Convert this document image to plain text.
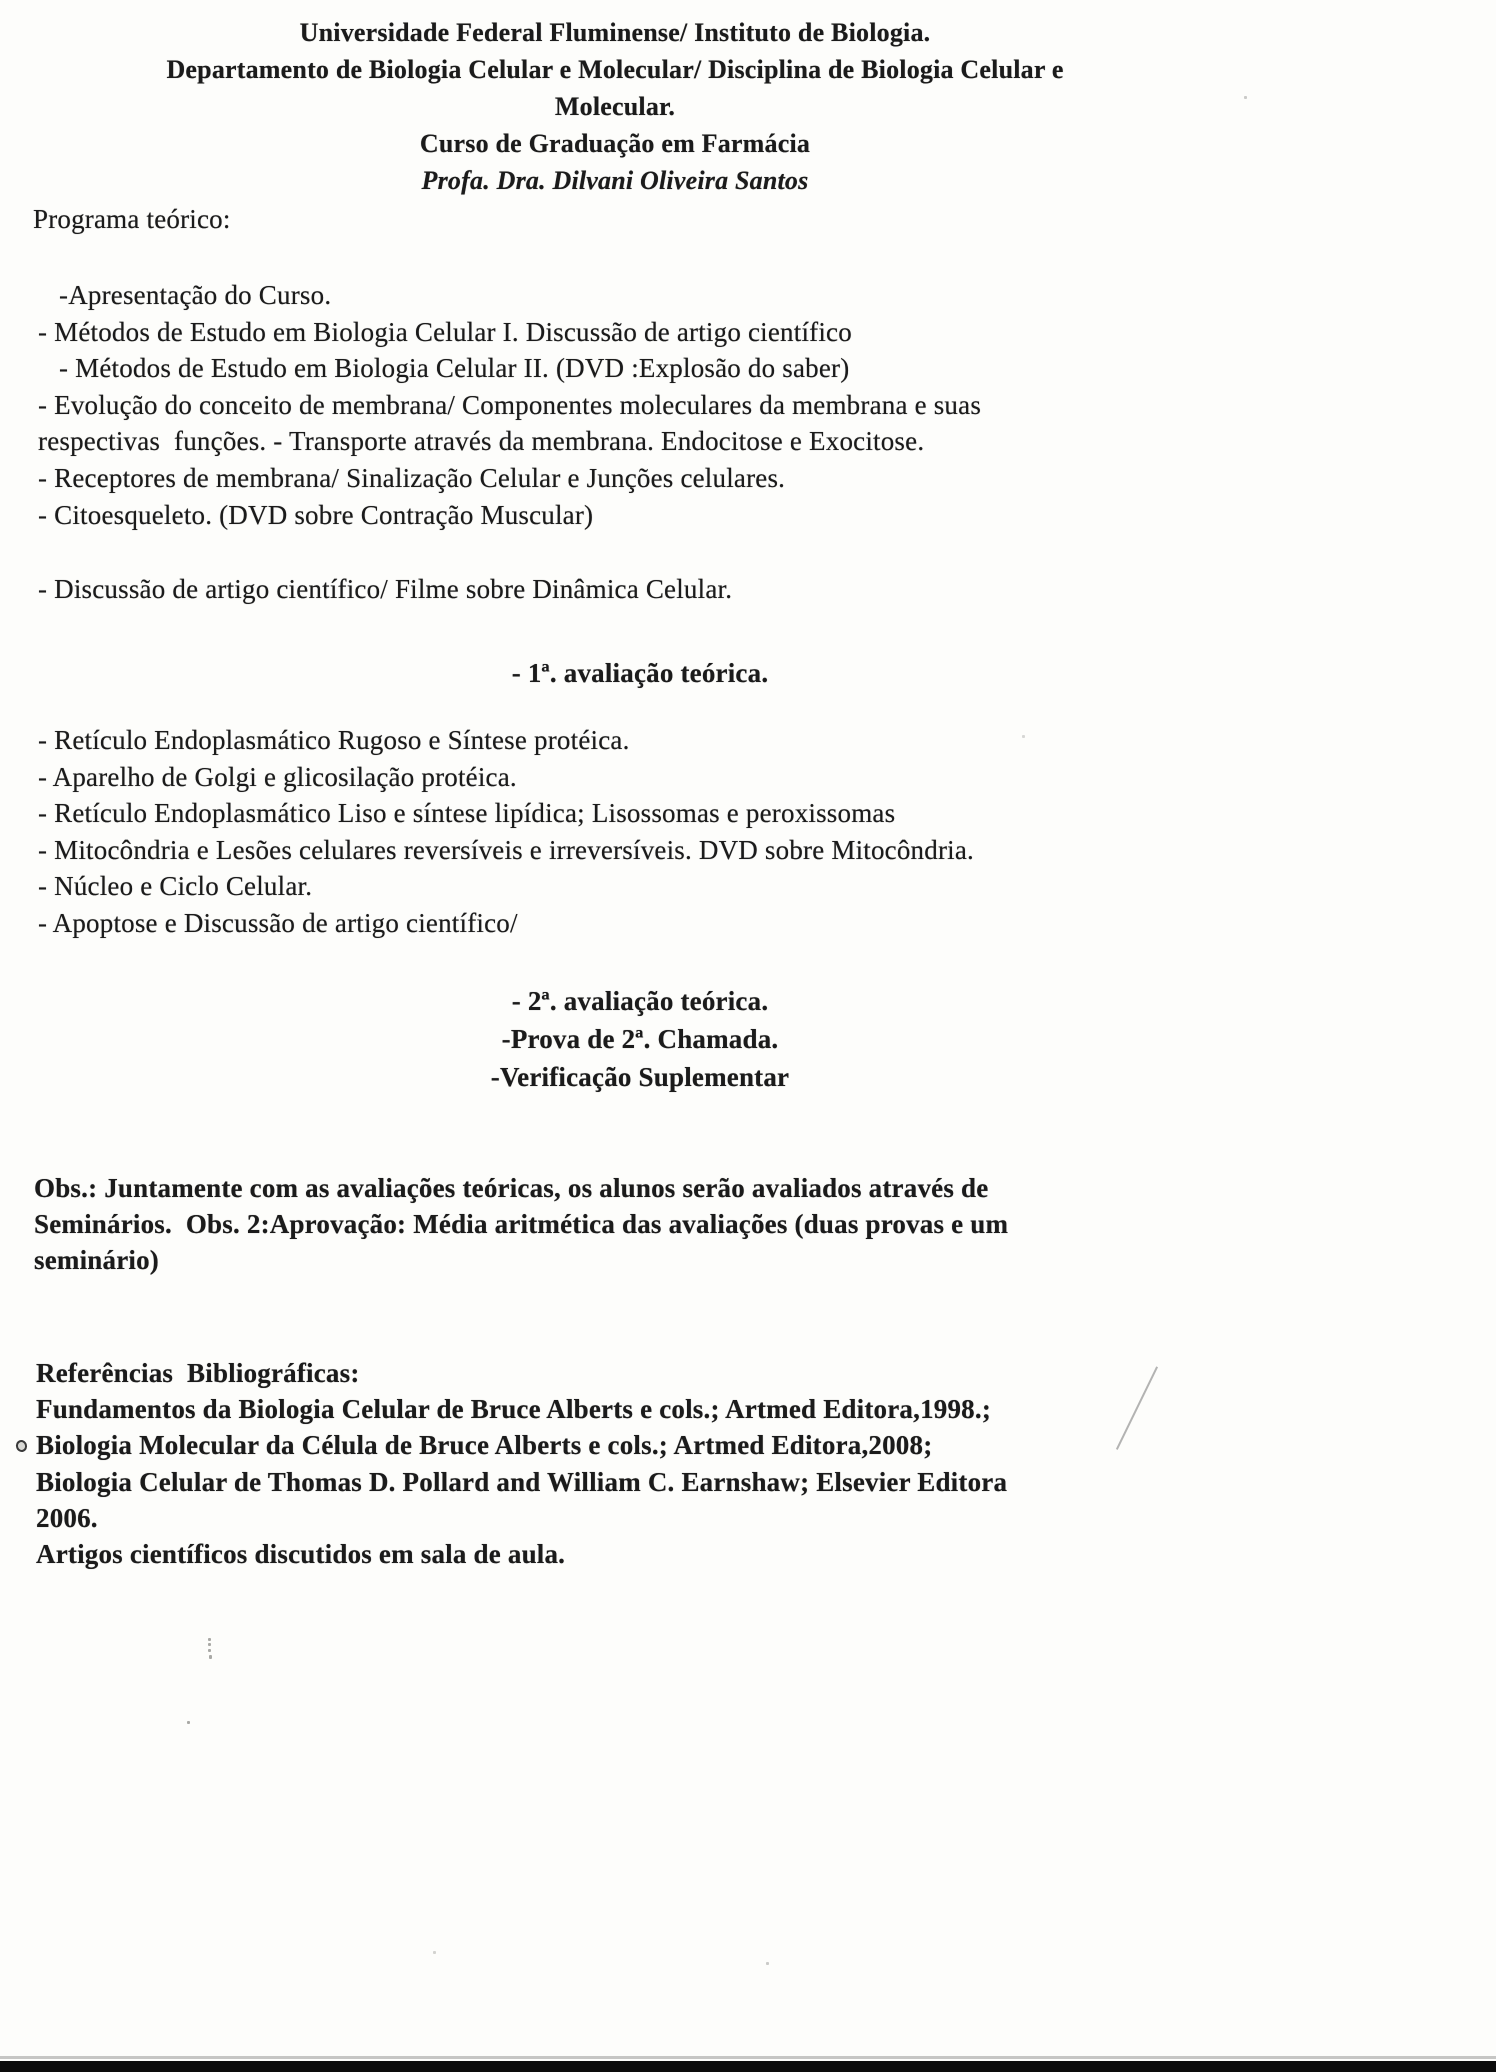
Universidade Federal Fluminense/ Instituto de Biologia.
Departamento de Biologia Celular e Molecular/ Disciplina de Biologia Celular e
Molecular.
Curso de Graduação em Farmácia
Profa. Dra. Dilvani Oliveira Santos
Programa teórico:
-Apresentação do Curso.
- Métodos de Estudo em Biologia Celular I. Discussão de artigo científico
- Métodos de Estudo em Biologia Celular II. (DVD :Explosão do saber)
- Evolução do conceito de membrana/ Componentes moleculares da membrana e suas
respectivas  funções. - Transporte através da membrana. Endocitose e Exocitose.
- Receptores de membrana/ Sinalização Celular e Junções celulares.
- Citoesqueleto. (DVD sobre Contração Muscular)
- Discussão de artigo científico/ Filme sobre Dinâmica Celular.
- 1ª. avaliação teórica.
- Retículo Endoplasmático Rugoso e Síntese protéica.
- Aparelho de Golgi e glicosilação protéica.
- Retículo Endoplasmático Liso e síntese lipídica; Lisossomas e peroxissomas
- Mitocôndria e Lesões celulares reversíveis e irreversíveis. DVD sobre Mitocôndria.
- Núcleo e Ciclo Celular.
- Apoptose e Discussão de artigo científico/
- 2ª. avaliação teórica.
-Prova de 2ª. Chamada.
-Verificação Suplementar
Obs.: Juntamente com as avaliações teóricas, os alunos serão avaliados através de
Seminários.  Obs. 2:Aprovação: Média aritmética das avaliações (duas provas e um
seminário)
Referências  Bibliográficas:
Fundamentos da Biologia Celular de Bruce Alberts e cols.; Artmed Editora,1998.;
Biologia Molecular da Célula de Bruce Alberts e cols.; Artmed Editora,2008;
Biologia Celular de Thomas D. Pollard and William C. Earnshaw; Elsevier Editora
2006.
Artigos científicos discutidos em sala de aula.
